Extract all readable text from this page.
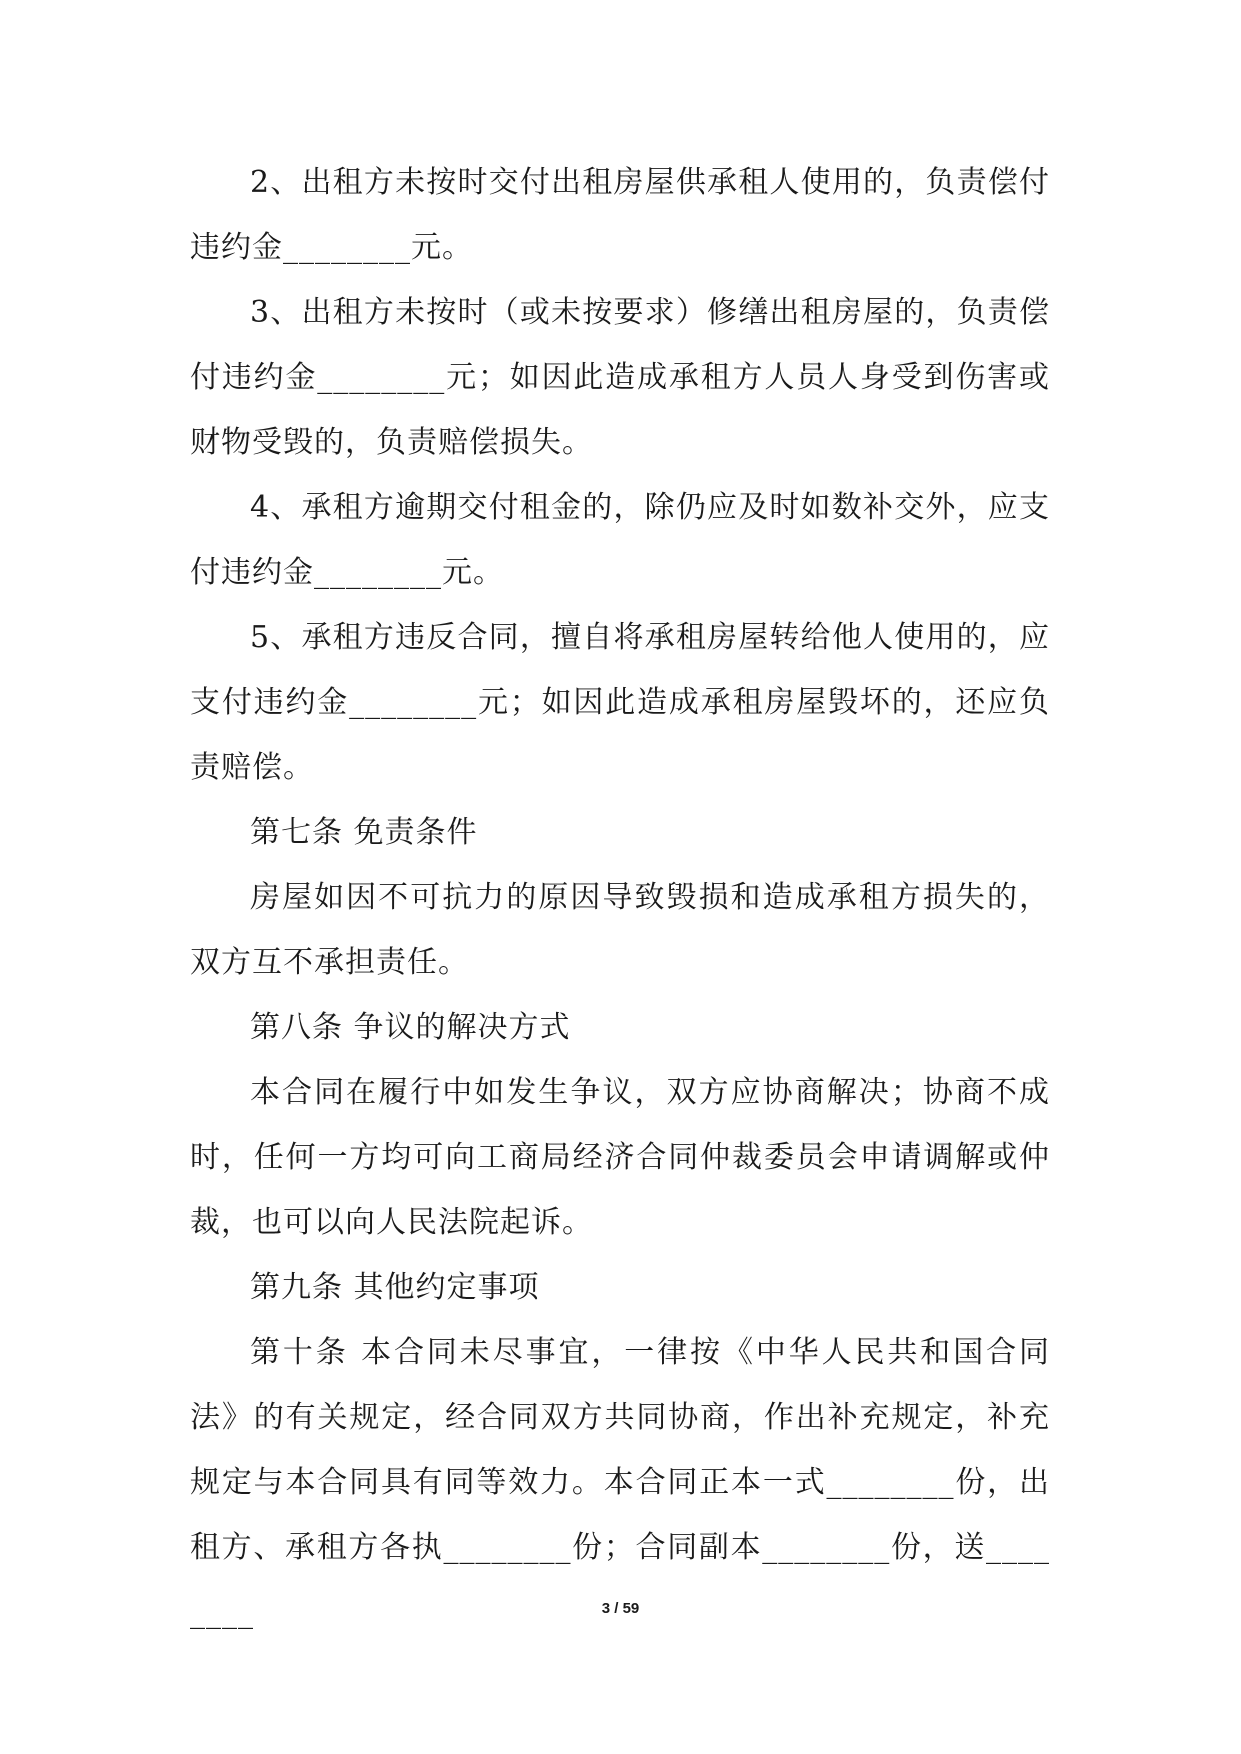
2、出租方未按时交付出租房屋供承租人使用的，负责偿付违约金________元。

3、出租方未按时（或未按要求）修缮出租房屋的，负责偿付违约金________元；如因此造成承租方人员人身受到伤害或财物受毁的，负责赔偿损失。

4、承租方逾期交付租金的，除仍应及时如数补交外，应支付违约金________元。

5、承租方违反合同，擅自将承租房屋转给他人使用的，应支付违约金________元；如因此造成承租房屋毁坏的，还应负责赔偿。

第七条 免责条件

房屋如因不可抗力的原因导致毁损和造成承租方损失的，双方互不承担责任。

第八条 争议的解决方式

本合同在履行中如发生争议，双方应协商解决；协商不成时，任何一方均可向工商局经济合同仲裁委员会申请调解或仲裁，也可以向人民法院起诉。

第九条 其他约定事项

第十条 本合同未尽事宜，一律按《中华人民共和国合同法》的有关规定，经合同双方共同协商，作出补充规定，补充规定与本合同具有同等效力。本合同正本一式________份，出租方、承租方各执________份；合同副本________份，送________	3 / 59
